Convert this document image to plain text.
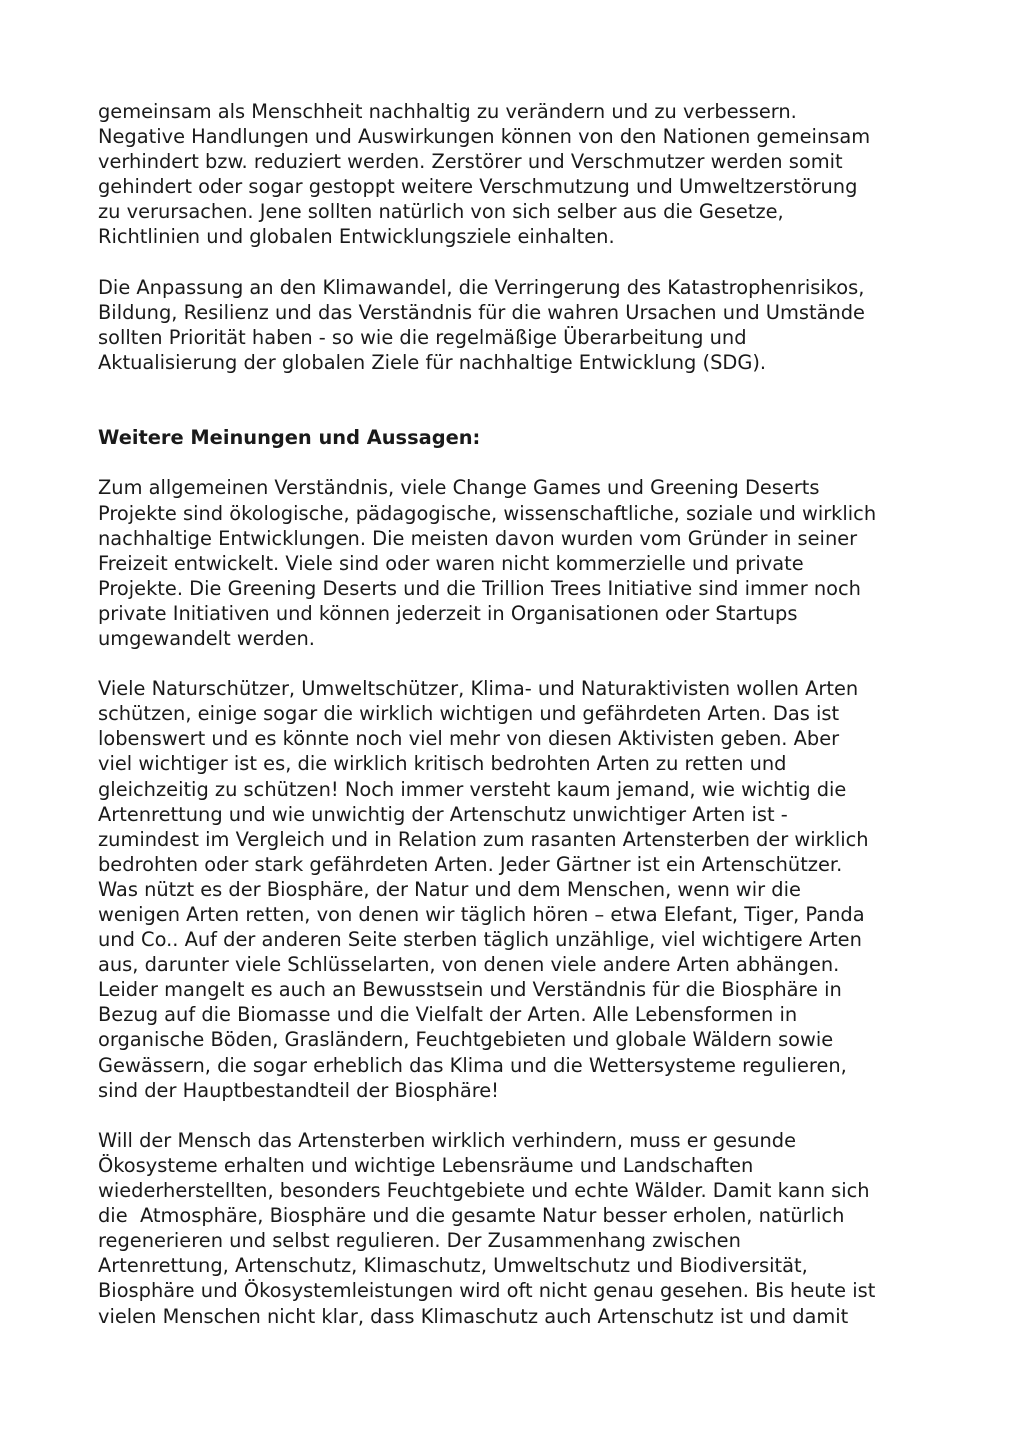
gemeinsam als Menschheit nachhaltig zu verändern und zu verbessern.
Negative Handlungen und Auswirkungen können von den Nationen gemeinsam
verhindert bzw. reduziert werden. Zerstörer und Verschmutzer werden somit
gehindert oder sogar gestoppt weitere Verschmutzung und Umweltzerstörung
zu verursachen. Jene sollten natürlich von sich selber aus die Gesetze,
Richtlinien und globalen Entwicklungsziele einhalten.
Die Anpassung an den Klimawandel, die Verringerung des Katastrophenrisikos,
Bildung, Resilienz und das Verständnis für die wahren Ursachen und Umstände
sollten Priorität haben - so wie die regelmäßige Überarbeitung und
Aktualisierung der globalen Ziele für nachhaltige Entwicklung (SDG).
Weitere Meinungen und Aussagen:
Zum allgemeinen Verständnis, viele Change Games und Greening Deserts
Projekte sind ökologische, pädagogische, wissenschaftliche, soziale und wirklich
nachhaltige Entwicklungen. Die meisten davon wurden vom Gründer in seiner
Freizeit entwickelt. Viele sind oder waren nicht kommerzielle und private
Projekte. Die Greening Deserts und die Trillion Trees Initiative sind immer noch
private Initiativen und können jederzeit in Organisationen oder Startups
umgewandelt werden.
Viele Naturschützer, Umweltschützer, Klima- und Naturaktivisten wollen Arten
schützen, einige sogar die wirklich wichtigen und gefährdeten Arten. Das ist
lobenswert und es könnte noch viel mehr von diesen Aktivisten geben. Aber
viel wichtiger ist es, die wirklich kritisch bedrohten Arten zu retten und
gleichzeitig zu schützen! Noch immer versteht kaum jemand, wie wichtig die
Artenrettung und wie unwichtig der Artenschutz unwichtiger Arten ist -
zumindest im Vergleich und in Relation zum rasanten Artensterben der wirklich
bedrohten oder stark gefährdeten Arten. Jeder Gärtner ist ein Artenschützer.
Was nützt es der Biosphäre, der Natur und dem Menschen, wenn wir die
wenigen Arten retten, von denen wir täglich hören – etwa Elefant, Tiger, Panda
und Co.. Auf der anderen Seite sterben täglich unzählige, viel wichtigere Arten
aus, darunter viele Schlüsselarten, von denen viele andere Arten abhängen.
Leider mangelt es auch an Bewusstsein und Verständnis für die Biosphäre in
Bezug auf die Biomasse und die Vielfalt der Arten. Alle Lebensformen in
organische Böden, Grasländern, Feuchtgebieten und globale Wäldern sowie
Gewässern, die sogar erheblich das Klima und die Wettersysteme regulieren,
sind der Hauptbestandteil der Biosphäre!
Will der Mensch das Artensterben wirklich verhindern, muss er gesunde
Ökosysteme erhalten und wichtige Lebensräume und Landschaften
wiederherstellten, besonders Feuchtgebiete und echte Wälder. Damit kann sich
die  Atmosphäre, Biosphäre und die gesamte Natur besser erholen, natürlich
regenerieren und selbst regulieren. Der Zusammenhang zwischen
Artenrettung, Artenschutz, Klimaschutz, Umweltschutz und Biodiversität,
Biosphäre und Ökosystemleistungen wird oft nicht genau gesehen. Bis heute ist
vielen Menschen nicht klar, dass Klimaschutz auch Artenschutz ist und damit
